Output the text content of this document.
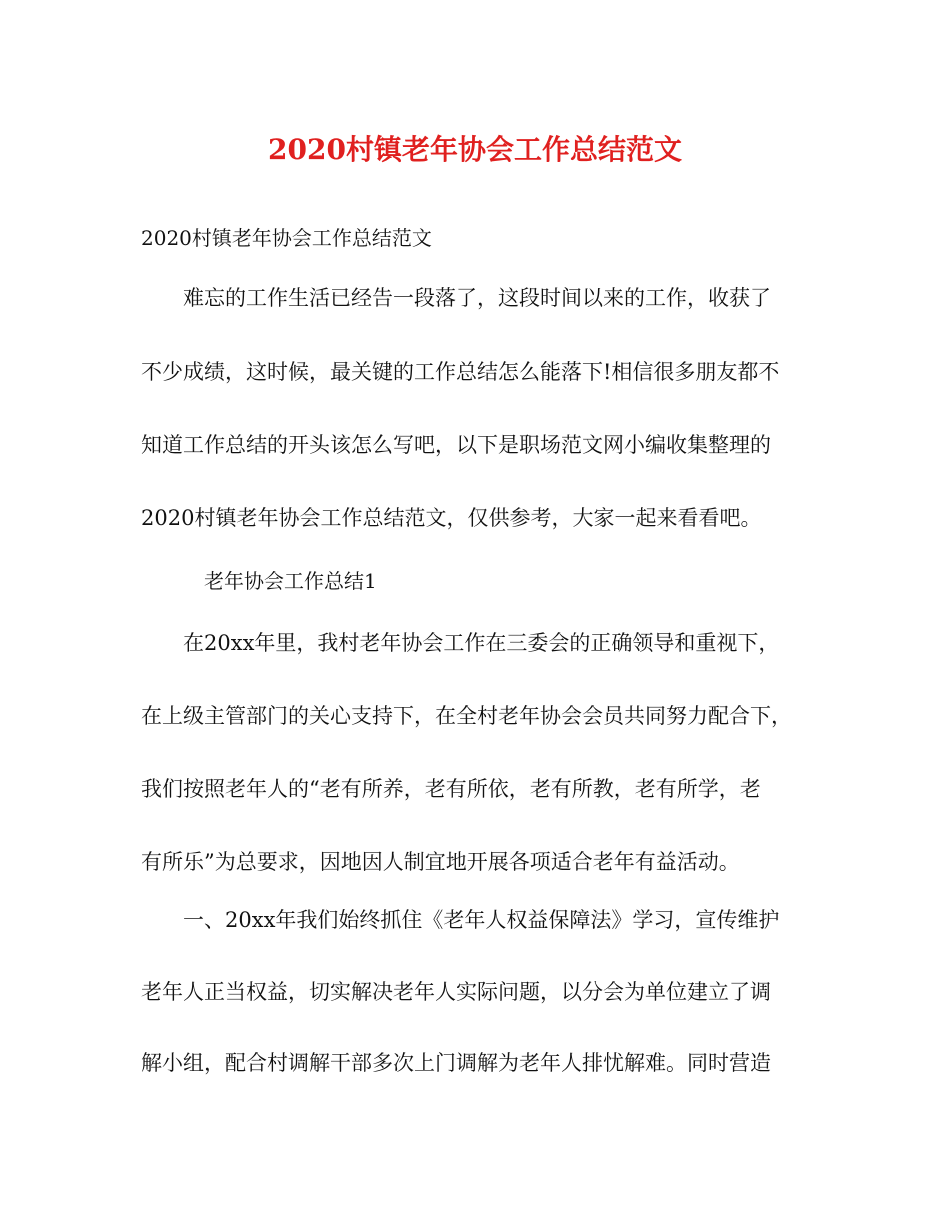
2020村镇老年协会工作总结范文
2020村镇老年协会工作总结范文
难忘的工作生活已经告一段落了，这段时间以来的工作，收获了
不少成绩，这时候，最关键的工作总结怎么能落下!相信很多朋友都不
知道工作总结的开头该怎么写吧，以下是职场范文网小编收集整理的
2020村镇老年协会工作总结范文，仅供参考，大家一起来看看吧。
老年协会工作总结1
在20xx年里，我村老年协会工作在三委会的正确领导和重视下，
在上级主管部门的关心支持下，在全村老年协会会员共同努力配合下，
我们按照老年人的“老有所养，老有所依，老有所教，老有所学，老
有所乐”为总要求，因地因人制宜地开展各项适合老年有益活动。
一、20xx年我们始终抓住《老年人权益保障法》学习，宣传维护
老年人正当权益，切实解决老年人实际问题，以分会为单位建立了调
解小组，配合村调解干部多次上门调解为老年人排忧解难。同时营造
